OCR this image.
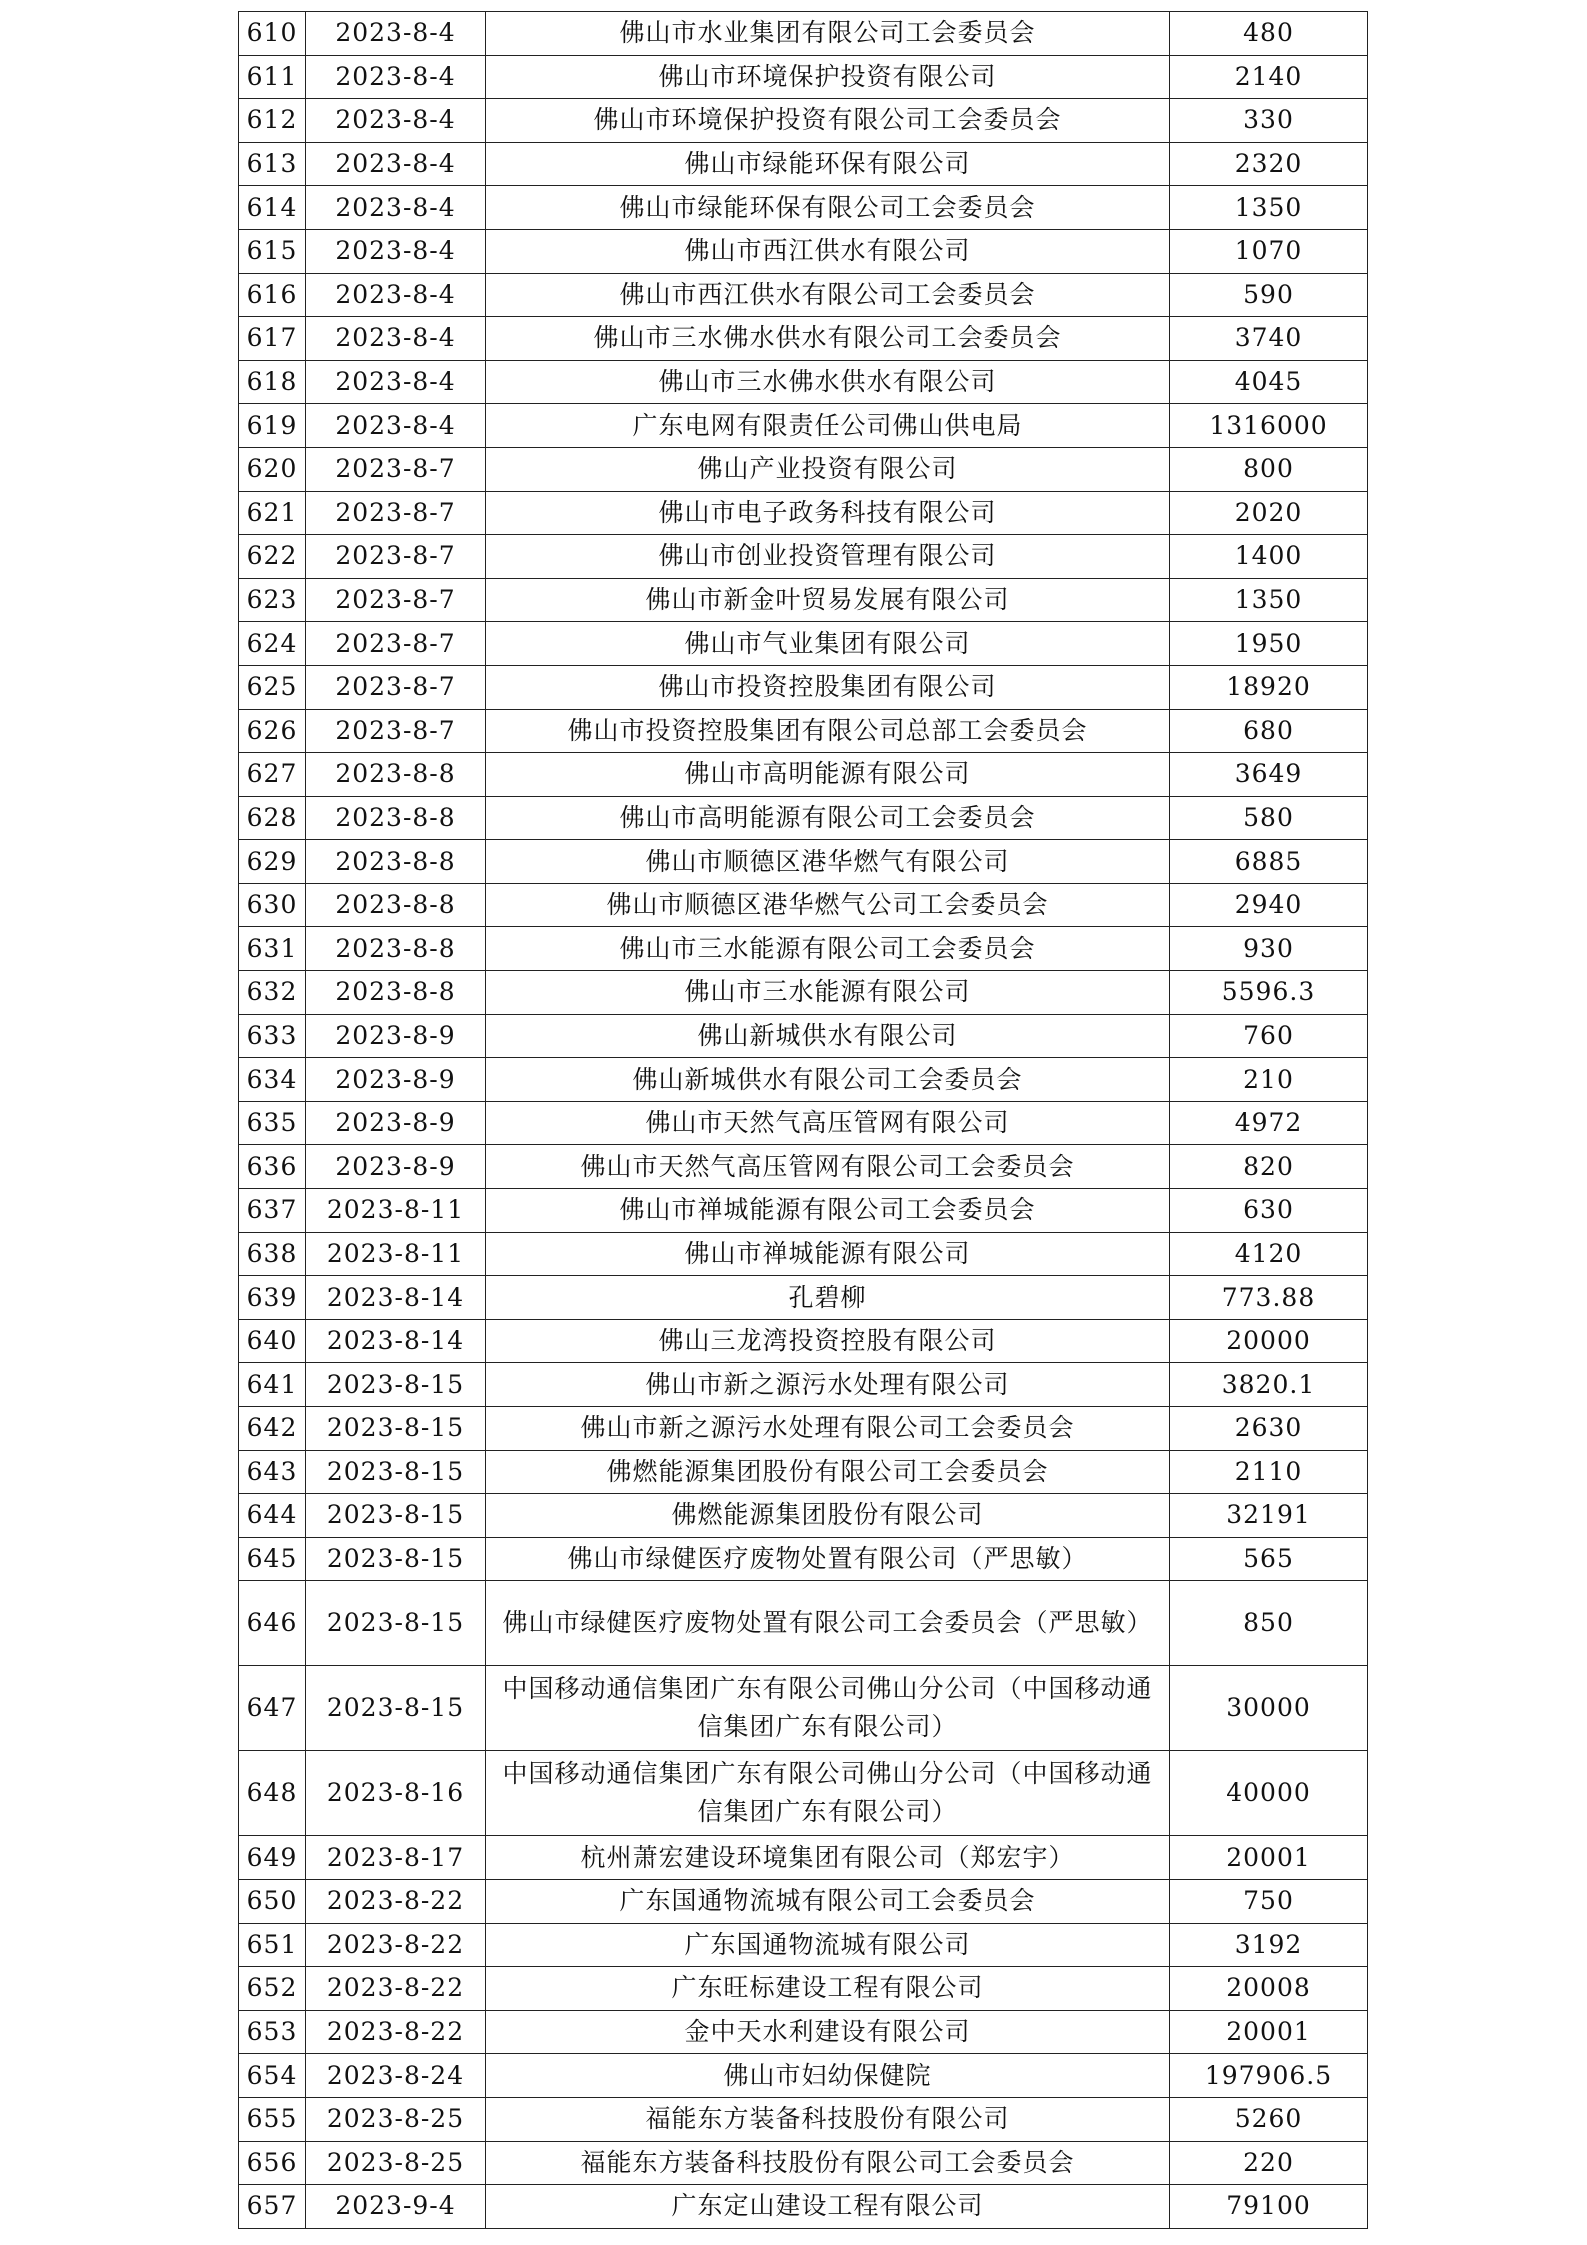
610	2023-8-4	佛山市水业集团有限公司工会委员会	480
611	2023-8-4	佛山市环境保护投资有限公司	2140
612	2023-8-4	佛山市环境保护投资有限公司工会委员会	330
613	2023-8-4	佛山市绿能环保有限公司	2320
614	2023-8-4	佛山市绿能环保有限公司工会委员会	1350
615	2023-8-4	佛山市西江供水有限公司	1070
616	2023-8-4	佛山市西江供水有限公司工会委员会	590
617	2023-8-4	佛山市三水佛水供水有限公司工会委员会	3740
618	2023-8-4	佛山市三水佛水供水有限公司	4045
619	2023-8-4	广东电网有限责任公司佛山供电局	1316000
620	2023-8-7	佛山产业投资有限公司	800
621	2023-8-7	佛山市电子政务科技有限公司	2020
622	2023-8-7	佛山市创业投资管理有限公司	1400
623	2023-8-7	佛山市新金叶贸易发展有限公司	1350
624	2023-8-7	佛山市气业集团有限公司	1950
625	2023-8-7	佛山市投资控股集团有限公司	18920
626	2023-8-7	佛山市投资控股集团有限公司总部工会委员会	680
627	2023-8-8	佛山市高明能源有限公司	3649
628	2023-8-8	佛山市高明能源有限公司工会委员会	580
629	2023-8-8	佛山市顺德区港华燃气有限公司	6885
630	2023-8-8	佛山市顺德区港华燃气公司工会委员会	2940
631	2023-8-8	佛山市三水能源有限公司工会委员会	930
632	2023-8-8	佛山市三水能源有限公司	5596.3
633	2023-8-9	佛山新城供水有限公司	760
634	2023-8-9	佛山新城供水有限公司工会委员会	210
635	2023-8-9	佛山市天然气高压管网有限公司	4972
636	2023-8-9	佛山市天然气高压管网有限公司工会委员会	820
637	2023-8-11	佛山市禅城能源有限公司工会委员会	630
638	2023-8-11	佛山市禅城能源有限公司	4120
639	2023-8-14	孔碧柳	773.88
640	2023-8-14	佛山三龙湾投资控股有限公司	20000
641	2023-8-15	佛山市新之源污水处理有限公司	3820.1
642	2023-8-15	佛山市新之源污水处理有限公司工会委员会	2630
643	2023-8-15	佛燃能源集团股份有限公司工会委员会	2110
644	2023-8-15	佛燃能源集团股份有限公司	32191
645	2023-8-15	佛山市绿健医疗废物处置有限公司（严思敏）	565
646	2023-8-15	佛山市绿健医疗废物处置有限公司工会委员会（严思敏）	850
647	2023-8-15	中国移动通信集团广东有限公司佛山分公司（中国移动通信集团广东有限公司）	30000
648	2023-8-16	中国移动通信集团广东有限公司佛山分公司（中国移动通信集团广东有限公司）	40000
649	2023-8-17	杭州萧宏建设环境集团有限公司（郑宏宇）	20001
650	2023-8-22	广东国通物流城有限公司工会委员会	750
651	2023-8-22	广东国通物流城有限公司	3192
652	2023-8-22	广东旺标建设工程有限公司	20008
653	2023-8-22	金中天水利建设有限公司	20001
654	2023-8-24	佛山市妇幼保健院	197906.5
655	2023-8-25	福能东方装备科技股份有限公司	5260
656	2023-8-25	福能东方装备科技股份有限公司工会委员会	220
657	2023-9-4	广东定山建设工程有限公司	79100
